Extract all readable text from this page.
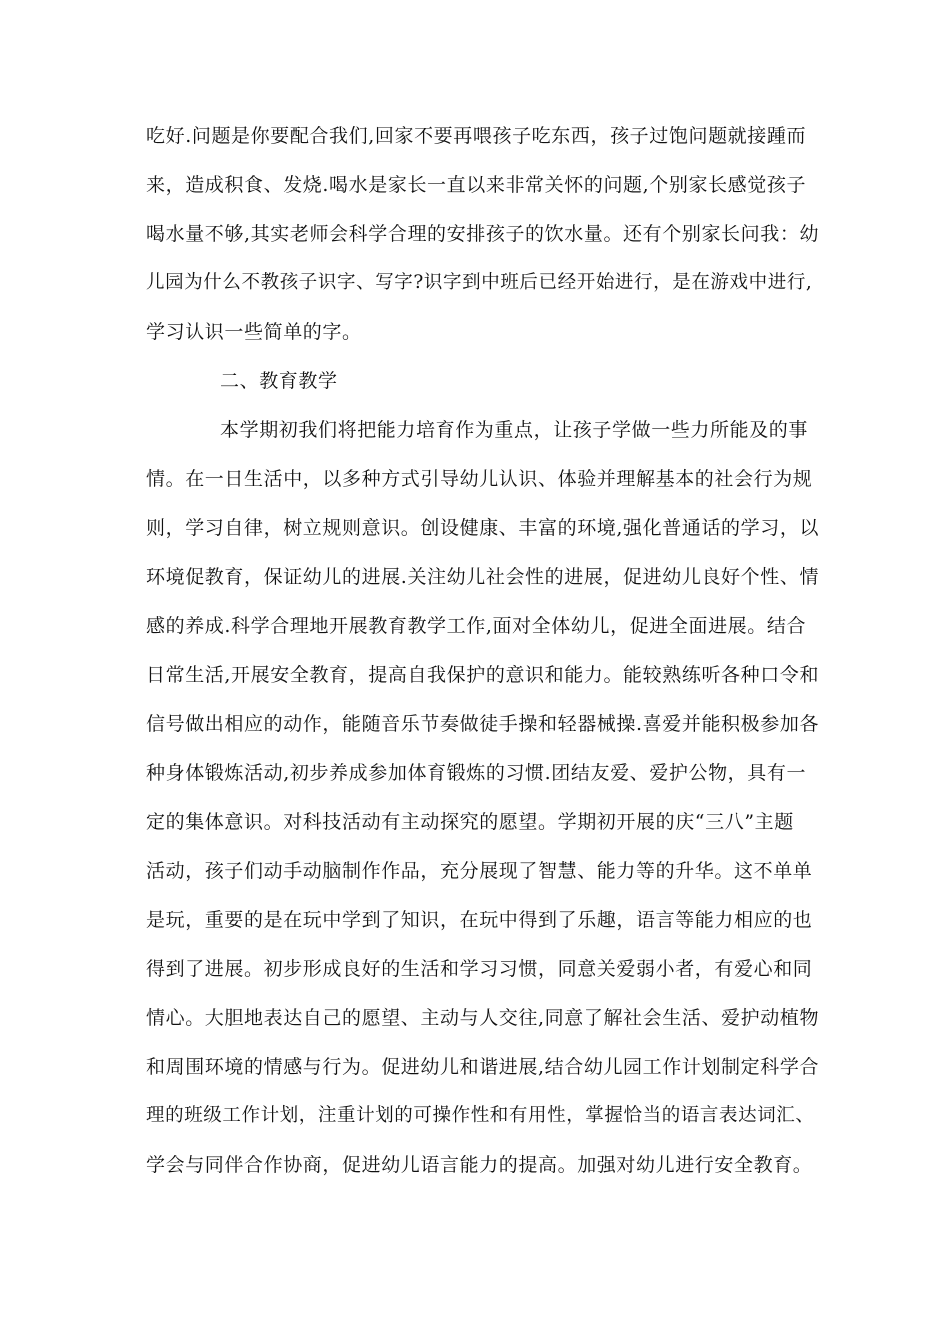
吃好.问题是你要配合我们,回家不要再喂孩子吃东西，孩子过饱问题就接踵而
来，造成积食、发烧.喝水是家长一直以来非常关怀的问题,个别家长感觉孩子
喝水量不够,其实老师会科学合理的安排孩子的饮水量。还有个别家长问我：幼
儿园为什么不教孩子识字、写字?识字到中班后已经开始进行，是在游戏中进行,
学习认识一些简单的字。
二、教育教学
本学期初我们将把能力培育作为重点，让孩子学做一些力所能及的事
情。在一日生活中，以多种方式引导幼儿认识、体验并理解基本的社会行为规
则，学习自律，树立规则意识。创设健康、丰富的环境,强化普通话的学习，以
环境促教育，保证幼儿的进展.关注幼儿社会性的进展，促进幼儿良好个性、情
感的养成.科学合理地开展教育教学工作,面对全体幼儿，促进全面进展。结合
日常生活,开展安全教育，提高自我保护的意识和能力。能较熟练听各种口令和
信号做出相应的动作，能随音乐节奏做徒手操和轻器械操.喜爱并能积极参加各
种身体锻炼活动,初步养成参加体育锻炼的习惯.团结友爱、爱护公物，具有一
定的集体意识。对科技活动有主动探究的愿望。学期初开展的庆“三八”主题
活动，孩子们动手动脑制作作品，充分展现了智慧、能力等的升华。这不单单
是玩，重要的是在玩中学到了知识，在玩中得到了乐趣，语言等能力相应的也
得到了进展。初步形成良好的生活和学习习惯，同意关爱弱小者，有爱心和同
情心。大胆地表达自己的愿望、主动与人交往,同意了解社会生活、爱护动植物
和周围环境的情感与行为。促进幼儿和谐进展,结合幼儿园工作计划制定科学合
理的班级工作计划，注重计划的可操作性和有用性，掌握恰当的语言表达词汇、
学会与同伴合作协商，促进幼儿语言能力的提高。加强对幼儿进行安全教育。
